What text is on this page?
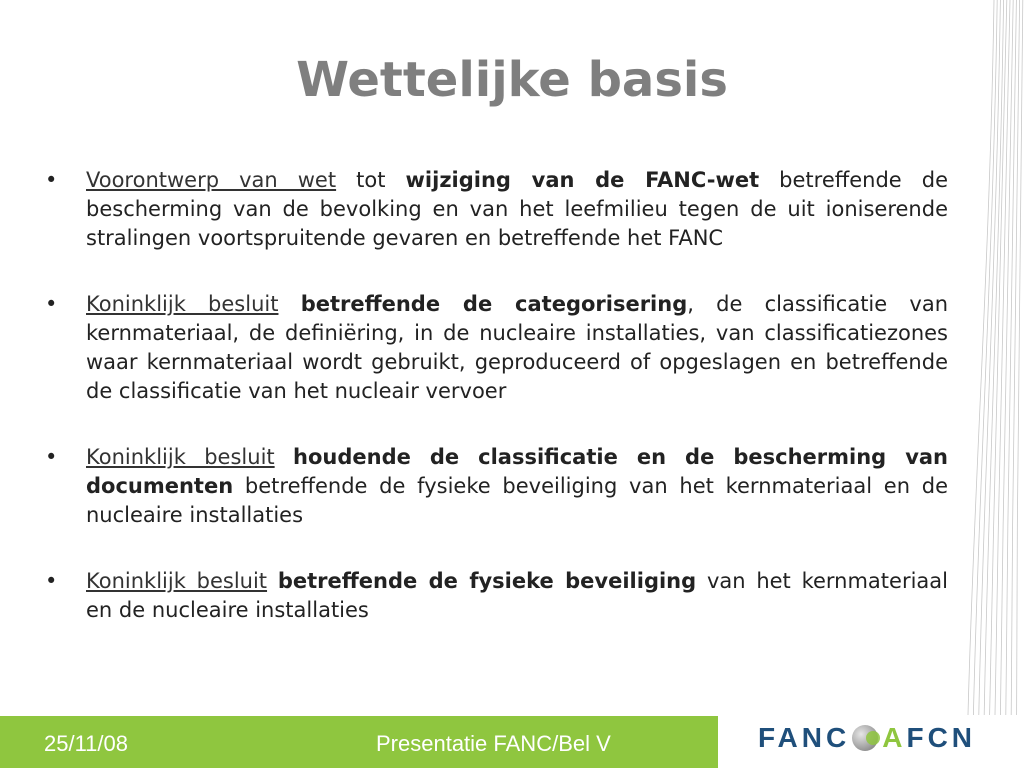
Wettelijke basis
• Voorontwerp van wet tot wijziging van de FANC-wet betreffende de bescherming van de bevolking en van het leefmilieu tegen de uit ioniserende stralingen voortspruitende gevaren en betreffende het FANC
• Koninklijk besluit betreffende de categorisering, de classificatie van kernmateriaal, de definiëring, in de nucleaire installaties, van classificatiezones waar kernmateriaal wordt gebruikt, geproduceerd of opgeslagen en betreffende de classificatie van het nucleair vervoer
• Koninklijk besluit houdende de classificatie en de bescherming van documenten betreffende de fysieke beveiliging van het kernmateriaal en de nucleaire installaties
• Koninklijk besluit betreffende de fysieke beveiliging van het kernmateriaal en de nucleaire installaties
25/11/08	Presentatie FANC/Bel V	FANC A FCN
